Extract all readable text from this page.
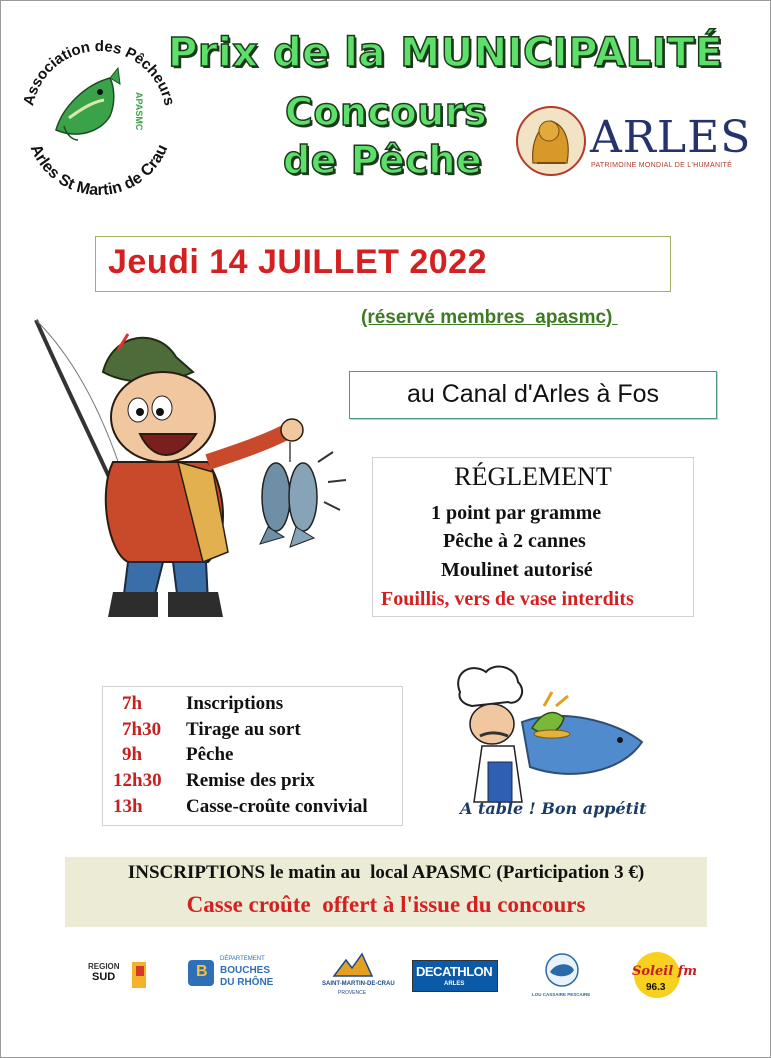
Association des Pêcheurs
Arles St Martin de Crau
APASMC
Prix de la MUNICIPALITÉ
Concours
de Pêche ARLES
PATRIMOINE MONDIAL DE L'HUMANITÉ
Jeudi 14 JUILLET 2022
(réservé membres  apasmc)
au Canal d'Arles à Fos
RÉGLEMENT
1 point par gramme
Pêche à 2 cannes
Moulinet autorisé
Fouillis, vers de vase interdits
7h Inscriptions
7h30 Tirage au sort
9h Pêche
12h30 Remise des prix
13h Casse-croûte convivial	A table ! Bon appétit
INSCRIPTIONS le matin au  local APASMC (Participation 3 €)
Casse croûte  offert à l'issue du concours
REGION
SUD	B
DÉPARTEMENT
BOUCHES
DU RHÔNE	SAINT-MARTIN-DE-CRAU
PROVENCE
DECATHLON
ARLES
LOU CASSAIRE PESCAIRE
Soleil fm
96.3
